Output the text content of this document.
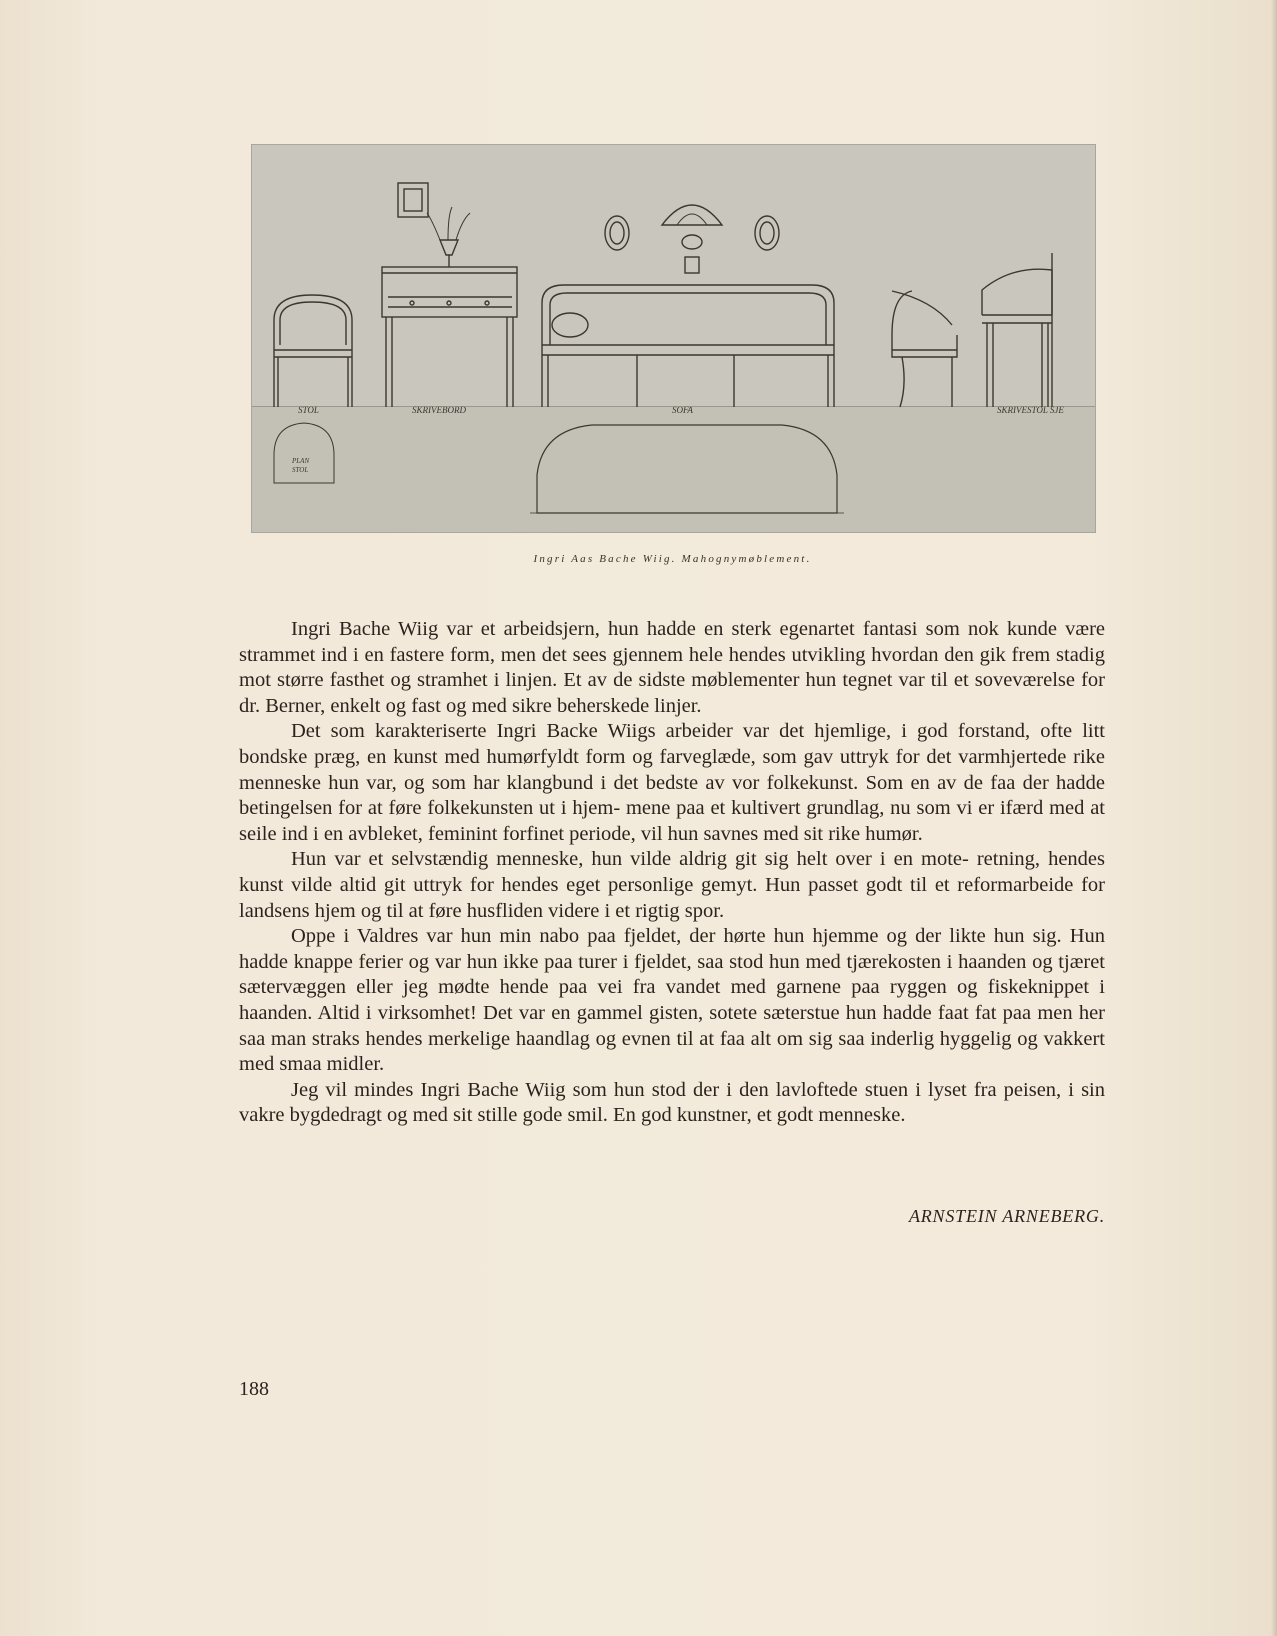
STOL	SKRIVEBORD	SOFA	SKRIVESTOL SJE
PLAN
STOL
Ingri Aas Bache Wiig. Mahognymøblement.

Ingri Bache Wiig var et arbeidsjern, hun hadde en sterk egenartet fantasi som nok kunde være strammet ind i en fastere form, men det sees gjennem hele hendes utvikling hvordan den gik frem stadig mot større fasthet og stramhet i linjen. Et av de sidste møblementer hun tegnet var til et soveværelse for dr. Berner, enkelt og fast og med sikre beherskede linjer.

Det som karakteriserte Ingri Backe Wiigs arbeider var det hjemlige, i god forstand, ofte litt bondske præg, en kunst med humørfyldt form og farveglæde, som gav uttryk for det varmhjertede rike menneske hun var, og som har klangbund i det bedste av vor folkekunst. Som en av de faa der hadde betingelsen for at føre folkekunsten ut i hjem- mene paa et kultivert grundlag, nu som vi er ifærd med at seile ind i en avbleket, feminint forfinet periode, vil hun savnes med sit rike humør.

Hun var et selvstændig menneske, hun vilde aldrig git sig helt over i en mote- retning, hendes kunst vilde altid git uttryk for hendes eget personlige gemyt. Hun passet godt til et reformarbeide for landsens hjem og til at føre husfliden videre i et rigtig spor.

Oppe i Valdres var hun min nabo paa fjeldet, der hørte hun hjemme og der likte hun sig. Hun hadde knappe ferier og var hun ikke paa turer i fjeldet, saa stod hun med tjærekosten i haanden og tjæret sætervæggen eller jeg mødte hende paa vei fra vandet med garnene paa ryggen og fiskeknippet i haanden. Altid i virksomhet! Det var en gammel gisten, sotete sæterstue hun hadde faat fat paa men her saa man straks hendes merkelige haandlag og evnen til at faa alt om sig saa inderlig hyggelig og vakkert med smaa midler.

Jeg vil mindes Ingri Bache Wiig som hun stod der i den lavloftede stuen i lyset fra peisen, i sin vakre bygdedragt og med sit stille gode smil. En god kunstner, et godt menneske.

ARNSTEIN ARNEBERG.
188
